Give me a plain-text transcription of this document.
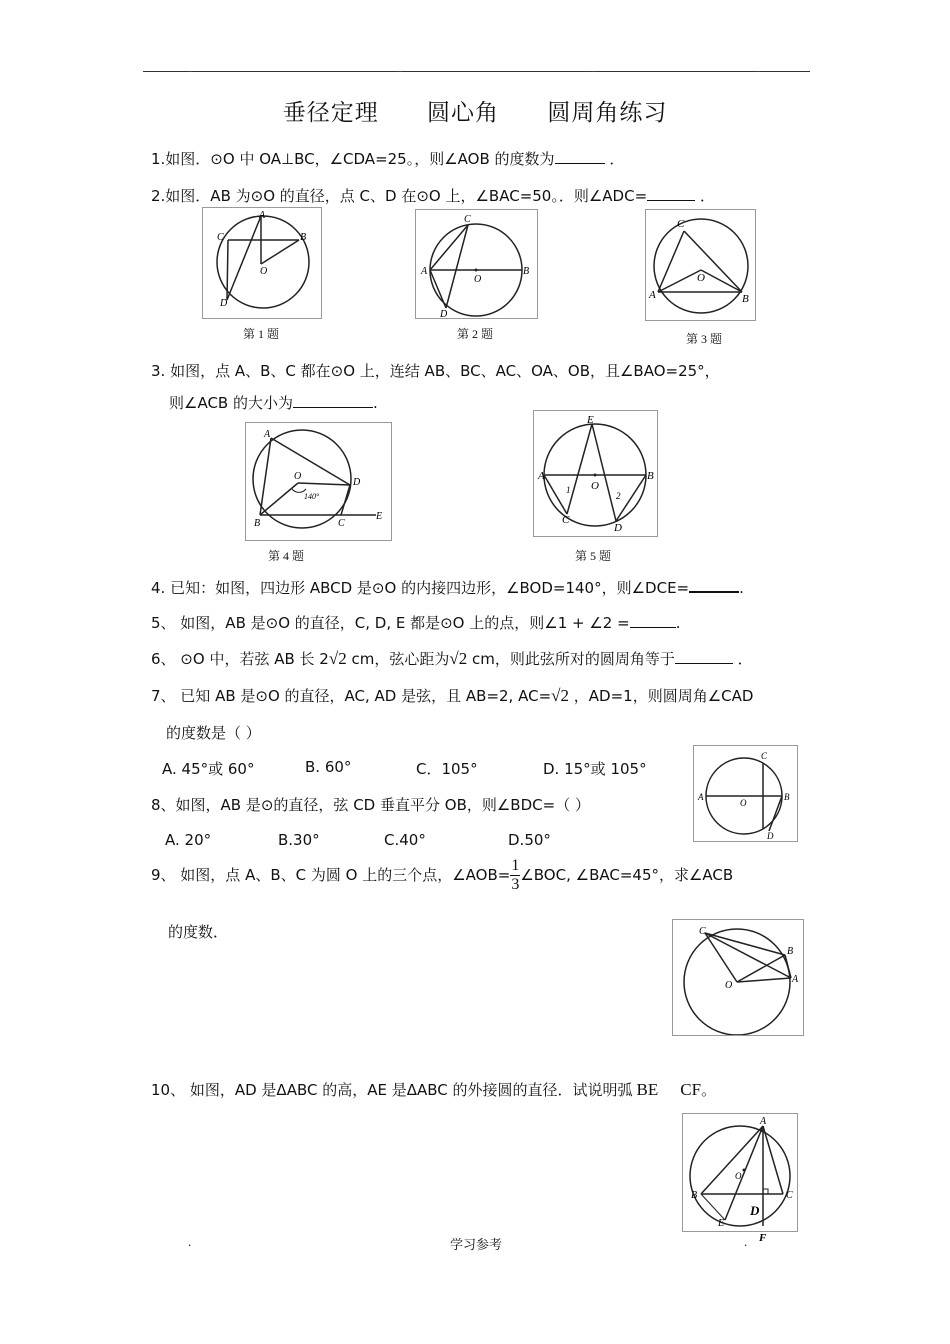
..	..	..	..
垂径定理 圆心角 圆周角练习
1.如图．⊙O 中 OA⊥BC，∠CDA=25。，则∠AOB 的度数为	．
2.如图．AB 为⊙O 的直径，点 C、D 在⊙O 上，∠BAC=50。．则∠ADC=	．
A
B
C
O
D
第 1 题
C
A
O
B
D
第 2 题
C
O
A	B
第 3 题
3. 如图，点 A、B、C 都在⊙O 上，连结 AB、BC、AC、OA、OB，且∠BAO=25°，
则∠ACB 的大小为	.
A
O
140°
D
B	C
E
第 4 题
E
A
O
B
1
2
C
D
第 5 题
4. 已知：如图，四边形 ABCD 是⊙O 的内接四边形，∠BOD=140°，则∠DCE=	.
5、 如图，AB 是⊙O 的直径，C, D, E 都是⊙O 上的点，则∠1 + ∠2 =	.
6、 ⊙O 中，若弦 AB 长 2√2 cm，弦心距为√2 cm，则此弦所对的圆周角等于	．
7、 已知 AB 是⊙O 的直径，AC, AD 是弦，且 AB=2, AC=√2 ，AD=1，则圆周角∠CAD
的度数是（ ）
A. 45°或 60°	B. 60°	C．105°	D. 15°或 105°
C
A
O
B
D
8、如图，AB 是⊙的直径，弦 CD 垂直平分 OB，则∠BDC=（ ）
A. 20°	B.30°	C.40°	D.50°
9、 如图，点 A、B、C 为圆 O 上的三个点，∠AOB= $\frac{1}{3}$ ∠BOC, ∠BAC=45°，求∠ACB
的度数．	C
B
O
A
10、 如图，AD 是ΔABC 的高，AE 是ΔABC 的外接圆的直径．试说明弧 BE CF。
A
O
B	C
D
E
F
.	学习参考	.
